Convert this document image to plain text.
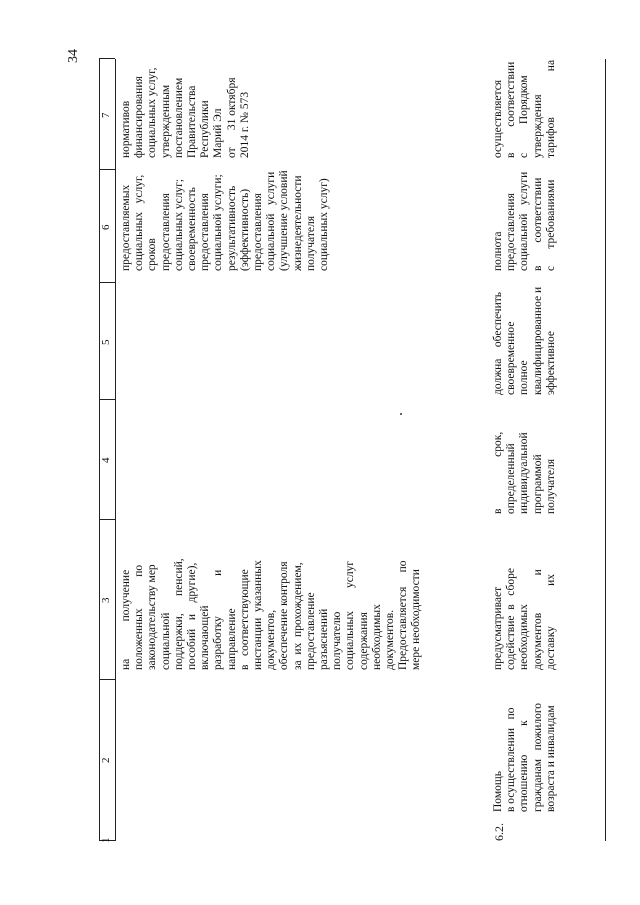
34
1
2
3
4
5
6
7
на             получение
положенных           по
законодательству мер
социальной
поддержки,      пенсий,
пособий   и    другие),
включающей
разработку              и
направление
в   соответствующие
инстанции  указанных
документов,
обеспечение контроля
за  их  прохождением,
предоставление
разъяснений
получателю
социальных        услуг
содержания
необходимых
документов.
Предоставляется     по
мере необходимости
предоставляемых
социальных   услуг,
сроков
предоставления
социальных услуг;
своевременность
предоставления
социальной услуги;
результативность
(эффективность)
предоставления
социальной   услуги
(улучшение условий
жизнедеятельности
получателя
социальных услуг)
нормативов
финансирования
социальных услуг,
утвержденным
постановлением
Правительства
Республики
Марий Эл
от      31 октября
2014 г. № 573
6.2.
Помощь
в осуществлении   по
отношению          к
гражданам   пожилого
возраста и инвалидам
предусматривает
содействие  в   сборе
необходимых
документов             и
доставку              их
в                  срок,
определенный
индивидуальной
программой
получателя
должна    обеспечить
своевременное
полное
квалифицированное и
эффективное
полнота
предоставления
социальной   услуги
в        соответствии
с      требованиями
осуществляется
в         соответствии
с          Порядком
утверждения
тарифов                на
